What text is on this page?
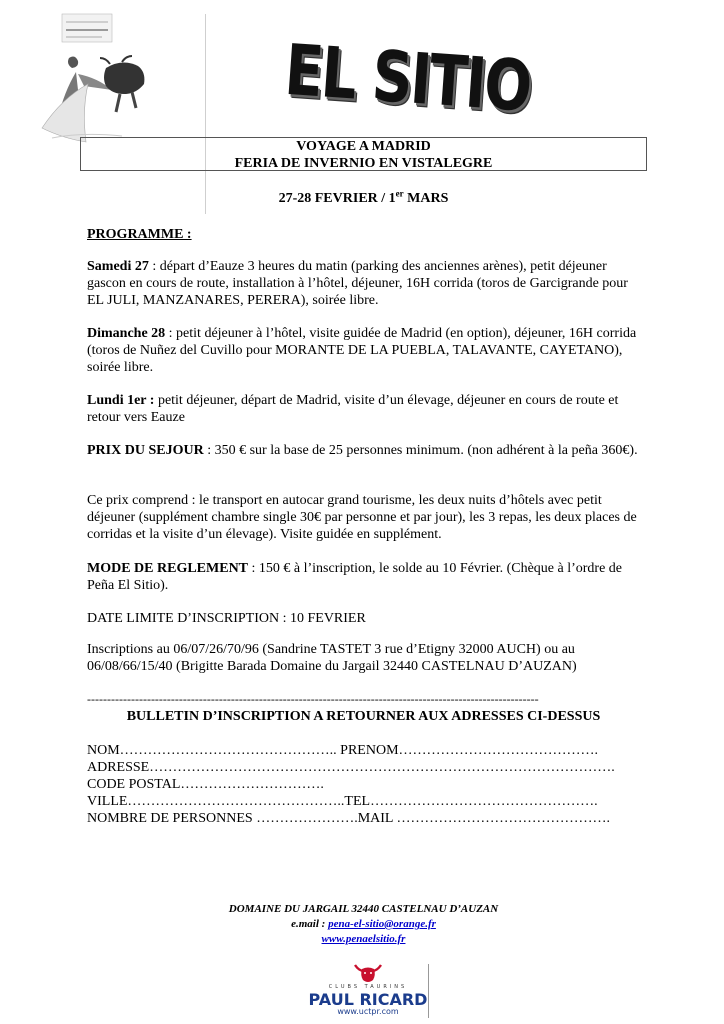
EL SITIO
VOYAGE A MADRID
FERIA DE INVERNIO EN VISTALEGRE
27-28 FEVRIER / 1er MARS
PROGRAMME :
Samedi 27 : départ d’Eauze 3 heures du matin (parking des anciennes arènes), petit déjeuner gascon en cours de route, installation à l’hôtel, déjeuner, 16H corrida (toros de Garcigrande pour EL JULI, MANZANARES, PERERA), soirée libre.
Dimanche 28 : petit déjeuner à l’hôtel, visite guidée de Madrid (en option), déjeuner, 16H corrida (toros de Nuñez del Cuvillo pour MORANTE DE LA PUEBLA, TALAVANTE, CAYETANO), soirée libre.
Lundi 1er : petit déjeuner, départ de Madrid, visite d’un élevage, déjeuner en cours de route et retour vers Eauze
PRIX DU SEJOUR : 350 € sur la base de 25 personnes minimum. (non adhérent à la peña 360€).
Ce prix comprend : le transport en autocar grand tourisme, les deux nuits d’hôtels avec petit déjeuner (supplément chambre single 30€ par personne et par jour), les 3 repas, les deux places de corridas et la visite d’un élevage). Visite guidée en supplément.
MODE DE REGLEMENT : 150 € à l’inscription, le solde au 10 Février. (Chèque à l’ordre de Peña El Sitio).
DATE LIMITE D’INSCRIPTION : 10 FEVRIER
Inscriptions au 06/07/26/70/96 (Sandrine TASTET 3 rue d’Etigny 32000 AUCH) ou au 06/08/66/15/40 (Brigitte Barada Domaine du Jargail 32440 CASTELNAU D’AUZAN)
-----------------------------------------------------------------------------------------------------------------
BULLETIN D’INSCRIPTION A RETOURNER AUX ADRESSES CI-DESSUS
NOM……………………………………….. PRENOM…………………………………….
ADRESSE……………………………………………………………………………………….
CODE POSTAL………………………….
VILLE………………………………………..TEL………………………………………….
NOMBRE DE PERSONNES ………………….MAIL ……………………………………….
DOMAINE DU JARGAIL 32440 CASTELNAU D’AUZAN
e.mail : pena-el-sitio@orange.fr
www.penaelsitio.fr
CLUBS TAURINS
PAUL RICARD
www.uctpr.com
